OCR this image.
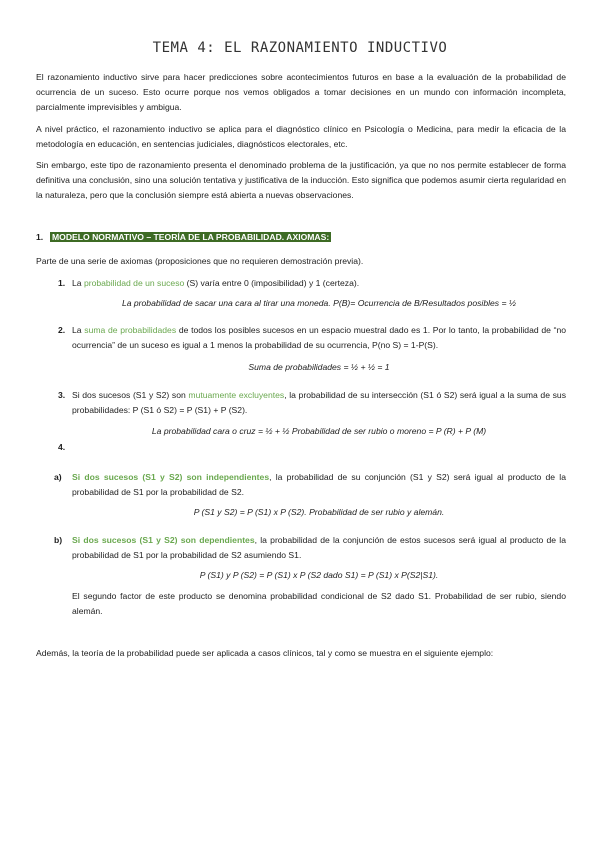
TEMA 4: EL RAZONAMIENTO INDUCTIVO
El razonamiento inductivo sirve para hacer predicciones sobre acontecimientos futuros en base a la evaluación de la probabilidad de ocurrencia de un suceso. Esto ocurre porque nos vemos obligados a tomar decisiones en un mundo con información incompleta, parcialmente imprevisibles y ambigua.
A nivel práctico, el razonamiento inductivo se aplica para el diagnóstico clínico en Psicología o Medicina, para medir la eficacia de la metodología en educación, en sentencias judiciales, diagnósticos electorales, etc.
Sin embargo, este tipo de razonamiento presenta el denominado problema de la justificación, ya que no nos permite establecer de forma definitiva una conclusión, sino una solución tentativa y justificativa de la inducción. Esto significa que podemos asumir cierta regularidad en la naturaleza, pero que la conclusión siempre está abierta a nuevas observaciones.
1. MODELO NORMATIVO – TEORÍA DE LA PROBABILIDAD. AXIOMAS:
Parte de una serie de axiomas (proposiciones que no requieren demostración previa).
1. La probabilidad de un suceso (S) varía entre 0 (imposibilidad) y 1 (certeza).
La probabilidad de sacar una cara al tirar una moneda. P(B)= Ocurrencia de B/Resultados posibles = ½
2. La suma de probabilidades de todos los posibles sucesos en un espacio muestral dado es 1. Por lo tanto, la probabilidad de “no ocurrencia” de un suceso es igual a 1 menos la probabilidad de su ocurrencia, P(no S) = 1-P(S).
Suma de probabilidades = ½ + ½ = 1
3. Si dos sucesos (S1 y S2) son mutuamente excluyentes, la probabilidad de su intersección (S1 ó S2) será igual a la suma de sus probabilidades: P (S1 ó S2) = P (S1) + P (S2).
La probabilidad cara o cruz = ½ + ½ Probabilidad de ser rubio o moreno = P (R) + P (M)
4.
a) Si dos sucesos (S1 y S2) son independientes, la probabilidad de su conjunción (S1 y S2) será igual al producto de la probabilidad de S1 por la probabilidad de S2.
P (S1 y S2) = P (S1) x P (S2). Probabilidad de ser rubio y alemán.
b) Si dos sucesos (S1 y S2) son dependientes, la probabilidad de la conjunción de estos sucesos será igual al producto de la probabilidad de S1 por la probabilidad de S2 asumiendo S1.
P (S1) y P (S2) = P (S1) x P (S2 dado S1) = P (S1) x P(S2|S1).
El segundo factor de este producto se denomina probabilidad condicional de S2 dado S1. Probabilidad de ser rubio, siendo alemán.
Además, la teoría de la probabilidad puede ser aplicada a casos clínicos, tal y como se muestra en el siguiente ejemplo:
